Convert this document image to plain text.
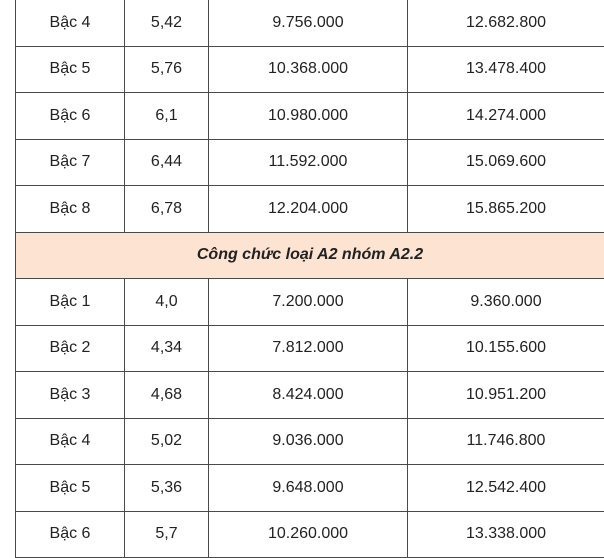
Bậc 4	5,42	9.756.000	12.682.800
Bậc 5	5,76	10.368.000	13.478.400
Bậc 6	6,1	10.980.000	14.274.000
Bậc 7	6,44	11.592.000	15.069.600
Bậc 8	6,78	12.204.000	15.865.200
Công chức loại A2 nhóm A2.2			
Bậc 1	4,0	7.200.000	9.360.000
Bậc 2	4,34	7.812.000	10.155.600
Bậc 3	4,68	8.424.000	10.951.200
Bậc 4	5,02	9.036.000	11.746.800
Bậc 5	5,36	9.648.000	12.542.400
Bậc 6	5,7	10.260.000	13.338.000
